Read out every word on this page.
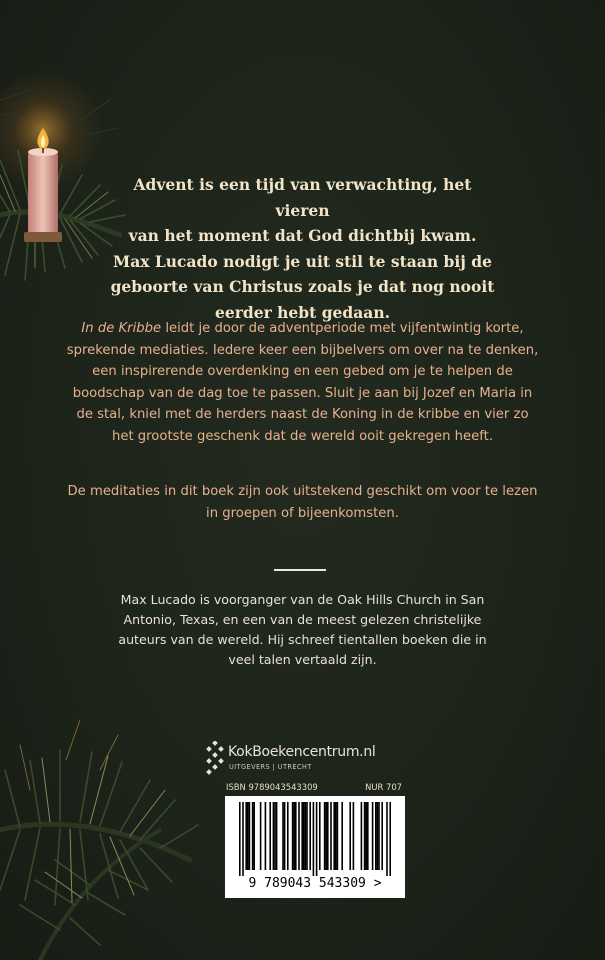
Advent is een tijd van verwachting, het vieren
van het moment dat God dichtbij kwam.
Max Lucado nodigt je uit stil te staan bij de
geboorte van Christus zoals je dat nog nooit
eerder hebt gedaan.
In de Kribbe leidt je door de adventperiode met vijfentwintig korte, sprekende mediaties. Iedere keer een bijbelvers om over na te denken, een inspirerende overdenking en een gebed om je te helpen de boodschap van de dag toe te passen. Sluit je aan bij Jozef en Maria in de stal, kniel met de herders naast de Koning in de kribbe en vier zo het grootste geschenk dat de wereld ooit gekregen heeft.
De meditaties in dit boek zijn ook uitstekend geschikt om voor te lezen in groepen of bijeenkomsten.
Max Lucado is voorganger van de Oak Hills Church in San Antonio, Texas, en een van de meest gelezen christelijke auteurs van de wereld. Hij schreef tientallen boeken die in veel talen vertaald zijn.
KokBoekencentrum.nl
UITGEVERS | UTRECHT
ISBN 9789043543309	NUR 707
9 789043 543309 >
